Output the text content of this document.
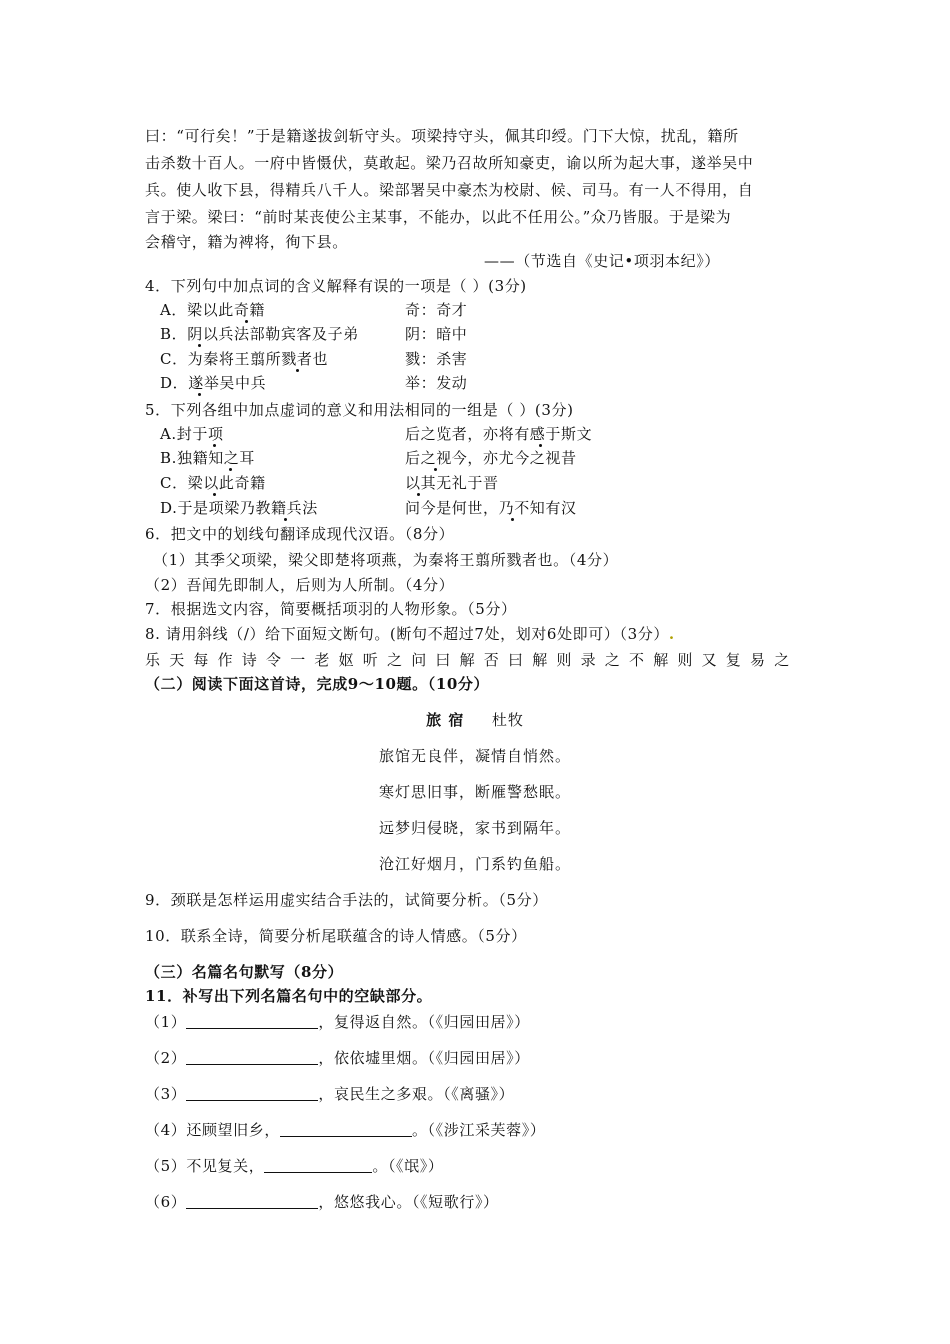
曰：“可行矣！”于是籍遂拔剑斩守头。项梁持守头，佩其印绶。门下大惊，扰乱，籍所
击杀数十百人。一府中皆慑伏，莫敢起。梁乃召故所知豪吏，谕以所为起大事，遂举吴中
兵。使人收下县，得精兵八千人。梁部署吴中豪杰为校尉、候、司马。有一人不得用，自
言于梁。梁曰：“前时某丧使公主某事，不能办，以此不任用公。”众乃皆服。于是梁为
会稽守，籍为裨将，徇下县。
——（节选自《史记•项羽本纪》）
4．下列句中加点词的含义解释有误的一项是（ ）(3分)
A．梁以此奇籍	奇：奇才
B．阴以兵法部勒宾客及子弟	阴：暗中
C．为秦将王翦所戮者也	戮：杀害
D．遂举吴中兵	举：发动
5．下列各组中加点虚词的意义和用法相同的一组是（ ）(3分)
A.封于项	后之览者，亦将有感于斯文
B.独籍知之耳	后之视今，亦尤今之视昔
C．梁以此奇籍	以其无礼于晋
D.于是项梁乃教籍兵法	问今是何世，乃不知有汉
6．把文中的划线句翻译成现代汉语。（8分）
（1）其季父项梁，梁父即楚将项燕，为秦将王翦所戮者也。（4分）
（2）吾闻先即制人，后则为人所制。（4分）
7．根据选文内容，简要概括项羽的人物形象。（5分）
8. 请用斜线（/）给下面短文断句。(断句不超过7处，划对6处即可）（3分）.
乐天每作诗令一老妪听之问曰解否曰解则录之不解则又复易之
（二）阅读下面这首诗，完成9～10题。（10分）
旅 宿 杜牧
旅馆无良伴，凝情自悄然。
寒灯思旧事，断雁警愁眠。
远梦归侵晓，家书到隔年。
沧江好烟月，门系钓鱼船。
9．颈联是怎样运用虚实结合手法的，试简要分析。（5分）
10．联系全诗，简要分析尾联蕴含的诗人情感。（5分）
（三）名篇名句默写（8分）
11．补写出下列名篇名句中的空缺部分。
（1）	，复得返自然。（《归园田居》）
（2）	，依依墟里烟。（《归园田居》）
（3）	，哀民生之多艰。（《离骚》）
（4）还顾望旧乡，	。（《涉江采芙蓉》）
（5）不见复关，	。（《氓》）
（6）	，悠悠我心。（《短歌行》）
